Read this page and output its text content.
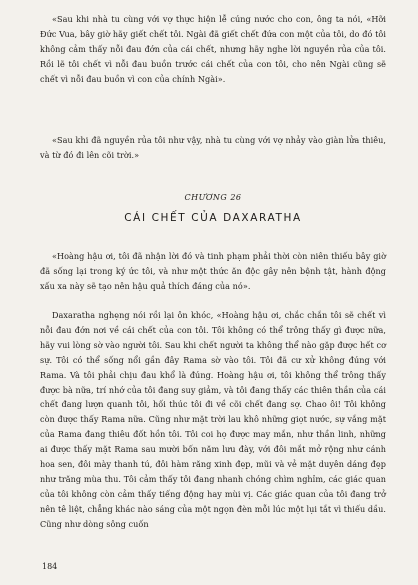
«Sau khi nhà tu cùng với vợ thực hiện lễ cúng nước cho con, ông ta nói, «Hỡi Đức Vua, bây giờ hãy giết chết tôi. Ngài đã giết chết đứa con một của tôi, do đó tôi không cảm thấy nỗi đau đớn của cái chết, nhưng hãy nghe lời nguyền rủa của tôi. Rồi lẽ tôi chết vì nỗi đau buồn trước cái chết của con tôi, cho nên Ngài cũng sẽ chết vì nỗi đau buồn vì con của chính Ngài».

«Sau khi đã nguyền rủa tôi như vậy, nhà tu cùng với vợ nhảy vào giàn lửa thiêu, và từ đó đi lên cõi trời.»

CHƯƠNG 26

CÁI CHẾT CỦA DAXARATHA

«Hoàng hậu ơi, tôi đã nhận lời đó và tinh phạm phải thời còn niên thiếu bây giờ đã sống lại trong ký ức tôi, và như một thức ăn độc gây nên bệnh tật, hành động xấu xa này sẽ tạo nên hậu quả thích đáng của nó».

Daxaratha nghẹng nói rồi lại ôn khóc, «Hoàng hậu ơi, chắc chắn tôi sẽ chết vì nỗi đau đớn nơi về cái chết của con tôi. Tôi không có thể trông thấy gì được nữa, hãy vui lòng sờ vào người tôi. Sau khi chết người ta không thể nào gặp được hết cơ sự. Tôi có thể sống nổi gần đây Rama sờ vào tôi. Tôi đã cư xử không đúng với Rama. Và tôi phải chịu đau khổ là đúng. Hoàng hậu ơi, tôi không thể trông thấy được bà nữa, trí nhớ của tôi đang suy giảm, và tôi đang thấy các thiên thần của cái chết đang lượn quanh tôi, hối thúc tôi đi về cõi chết đang sợ. Chao ôi! Tôi không còn được thấy Rama nữa. Cũng như mặt trời lau khô những giọt nước, sự vắng mặt của Rama đang thiêu đốt hồn tôi. Tôi coi họ được may mắn, như thần linh, những ai được thấy mặt Rama sau mười bốn năm lưu đày, với đôi mắt mở rộng như cánh hoa sen, đôi mày thanh tú, đôi hàm răng xinh đẹp, mũi và vẻ mặt duyên dáng đẹp như trăng mùa thu. Tôi cảm thấy tôi đang nhanh chóng chìm nghỉm, các giác quan của tôi không còn cảm thấy tiếng động hay mùi vị. Các giác quan của tôi đang trở nên tê liệt, chẳng khác nào sáng của một ngọn đèn mỗi lúc một lụi tắt vì thiếu dầu. Cũng như dòng sông cuốn

184
